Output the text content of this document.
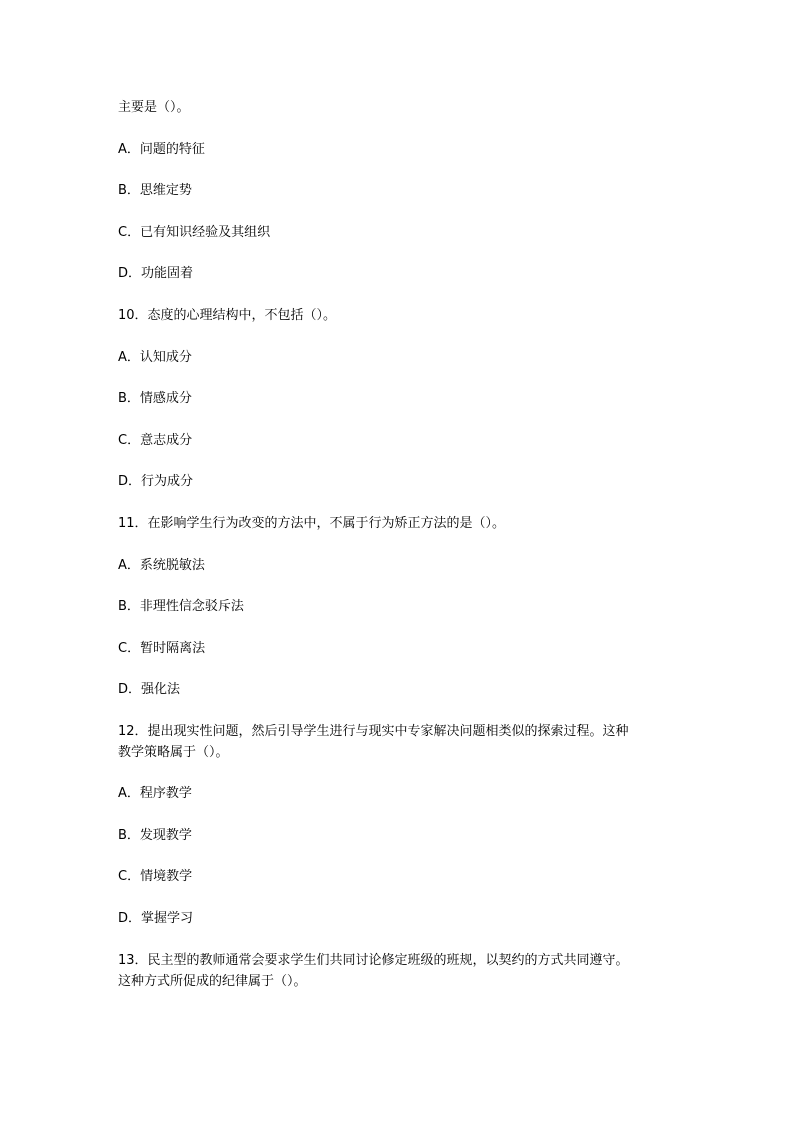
主要是（）。
A．问题的特征
B．思维定势
C．已有知识经验及其组织
D．功能固着
10．态度的心理结构中，不包括（）。
A．认知成分
B．情感成分
C．意志成分
D．行为成分
11．在影响学生行为改变的方法中，不属于行为矫正方法的是（）。
A．系统脱敏法
B．非理性信念驳斥法
C．暂时隔离法
D．强化法
12．提出现实性问题，然后引导学生进行与现实中专家解决问题相类似的探索过程。这种
教学策略属于（）。
A．程序教学
B．发现教学
C．情境教学
D．掌握学习
13．民主型的教师通常会要求学生们共同讨论修定班级的班规，以契约的方式共同遵守。
这种方式所促成的纪律属于（）。
